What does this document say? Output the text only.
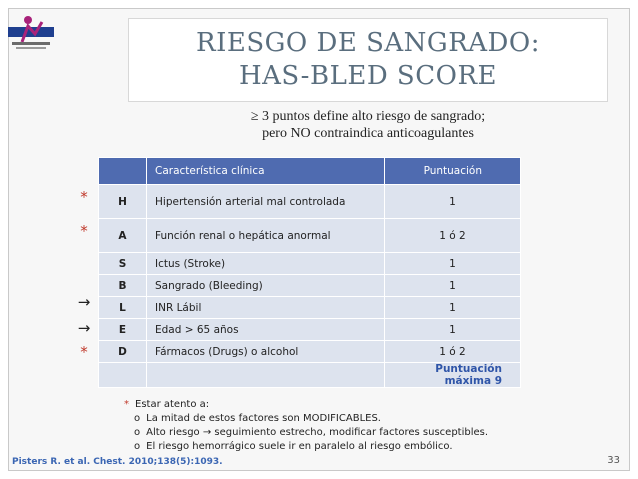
RIESGO DE SANGRADO:
HAS-BLED SCORE
≥ 3 puntos define alto riesgo de sangrado;
pero NO contraindica anticoagulantes
	Característica clínica	Puntuación
H	Hipertensión arterial mal controlada	1
A	Función renal o hepática anormal	1 ó 2
S	Ictus (Stroke)	1
B	Sangrado (Bleeding)	1
L	INR Lábil	1
E	Edad > 65 años	1
D	Fármacos (Drugs) o alcohol	1 ó 2
		Puntuación máxima 9
*
*
→
→
*
* Estar atento a:
o La mitad de estos factores son MODIFICABLES.
o Alto riesgo → seguimiento estrecho, modificar factores susceptibles.
o El riesgo hemorrágico suele ir en paralelo al riesgo embólico.
Pisters R. et al. Chest. 2010;138(5):1093.	33
